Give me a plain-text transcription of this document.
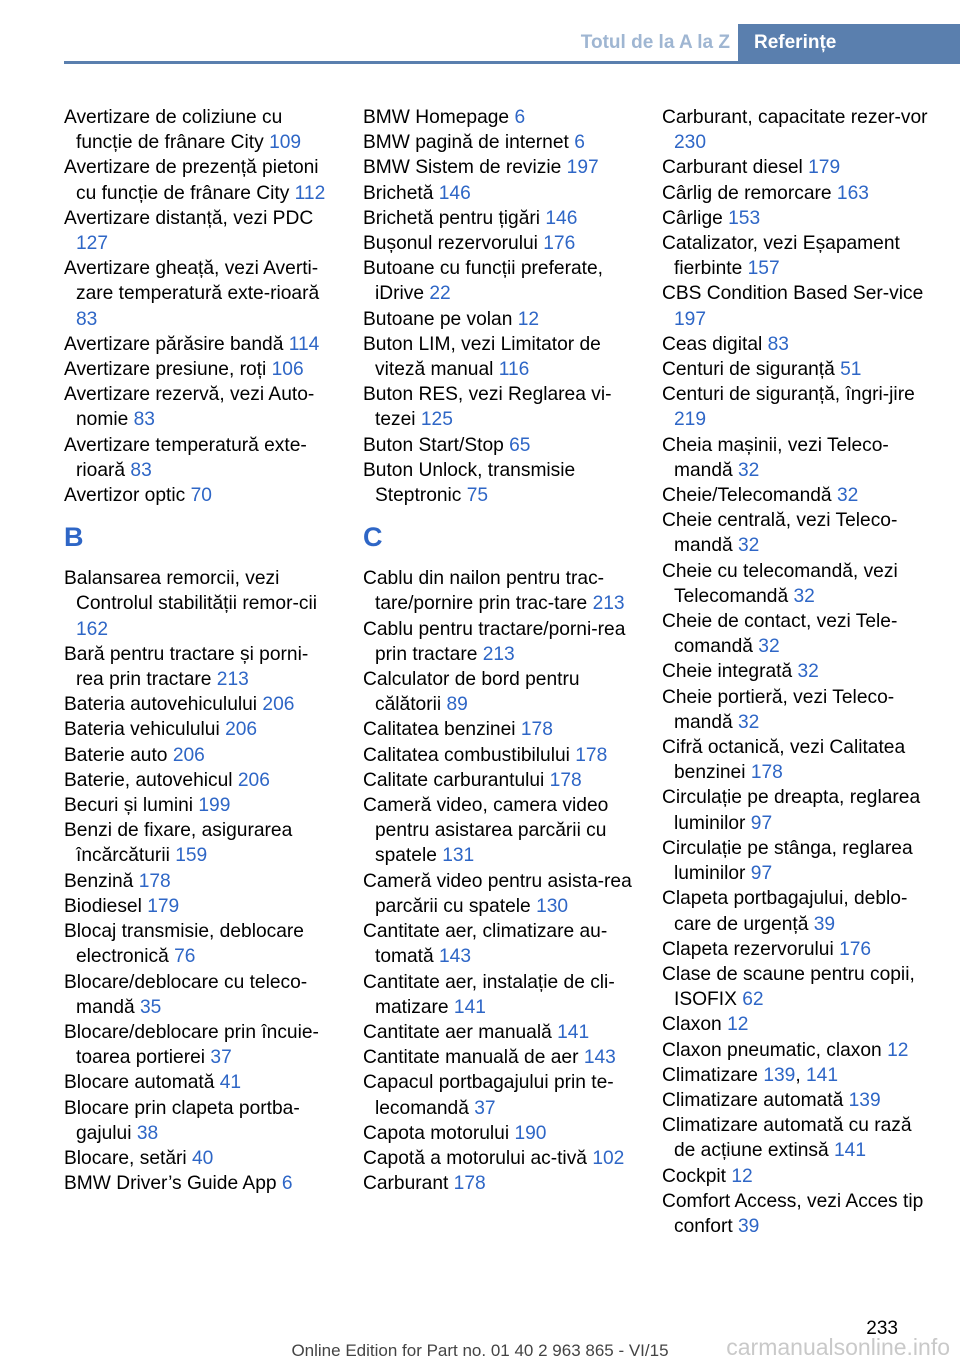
Totul de la A la Z	Referințe
Avertizare de coliziune cu funcție de frânare City 109
Avertizare de prezență pietoni cu funcție de frânare City 112
Avertizare distanță, vezi PDC 127
Avertizare gheață, vezi Averti-zare temperatură exte-rioară 83
Avertizare părăsire bandă 114
Avertizare presiune, roți 106
Avertizare rezervă, vezi Auto-nomie 83
Avertizare temperatură exte-rioară 83
Avertizor optic 70
B
Balansarea remorcii, vezi Controlul stabilității remor-cii 162
Bară pentru tractare și porni-rea prin tractare 213
Bateria autovehiculului 206
Bateria vehiculului 206
Baterie auto 206
Baterie, autovehicul 206
Becuri și lumini 199
Benzi de fixare, asigurarea încărcăturii 159
Benzină 178
Biodiesel 179
Blocaj transmisie, deblocare electronică 76
Blocare/deblocare cu teleco-mandă 35
Blocare/deblocare prin încuie-toarea portierei 37
Blocare automată 41
Blocare prin clapeta portba-gajului 38
Blocare, setări 40
BMW Driver’s Guide App 6
BMW Homepage 6
BMW pagină de internet 6
BMW Sistem de revizie 197
Brichetă 146
Brichetă pentru țigări 146
Bușonul rezervorului 176
Butoane cu funcții preferate, iDrive 22
Butoane pe volan 12
Buton LIM, vezi Limitator de viteză manual 116
Buton RES, vezi Reglarea vi-tezei 125
Buton Start/Stop 65
Buton Unlock, transmisie Steptronic 75
C
Cablu din nailon pentru trac-tare/pornire prin trac-tare 213
Cablu pentru tractare/porni-rea prin tractare 213
Calculator de bord pentru călătorii 89
Calitatea benzinei 178
Calitatea combustibilului 178
Calitate carburantului 178
Cameră video, camera video pentru asistarea parcării cu spatele 131
Cameră video pentru asista-rea parcării cu spatele 130
Cantitate aer, climatizare au-tomată 143
Cantitate aer, instalație de cli-matizare 141
Cantitate aer manuală 141
Cantitate manuală de aer 143
Capacul portbagajului prin te-lecomandă 37
Capota motorului 190
Capotă a motorului ac-tivă 102
Carburant 178
Carburant, capacitate rezer-vor 230
Carburant diesel 179
Cârlig de remorcare 163
Cârlige 153
Catalizator, vezi Eșapament fierbinte 157
CBS Condition Based Ser-vice 197
Ceas digital 83
Centuri de siguranță 51
Centuri de siguranță, îngri-jire 219
Cheia mașinii, vezi Teleco-mandă 32
Cheie/Telecomandă 32
Cheie centrală, vezi Teleco-mandă 32
Cheie cu telecomandă, vezi Telecomandă 32
Cheie de contact, vezi Tele-comandă 32
Cheie integrată 32
Cheie portieră, vezi Teleco-mandă 32
Cifră octanică, vezi Calitatea benzinei 178
Circulație pe dreapta, reglarea luminilor 97
Circulație pe stânga, reglarea luminilor 97
Clapeta portbagajului, deblo-care de urgență 39
Clapeta rezervorului 176
Clase de scaune pentru copii, ISOFIX 62
Claxon 12
Claxon pneumatic, claxon 12
Climatizare 139, 141
Climatizare automată 139
Climatizare automată cu rază de acțiune extinsă 141
Cockpit 12
Comfort Access, vezi Acces tip confort 39
233
carmanualsonline.info
Online Edition for Part no. 01 40 2 963 865 - VI/15
